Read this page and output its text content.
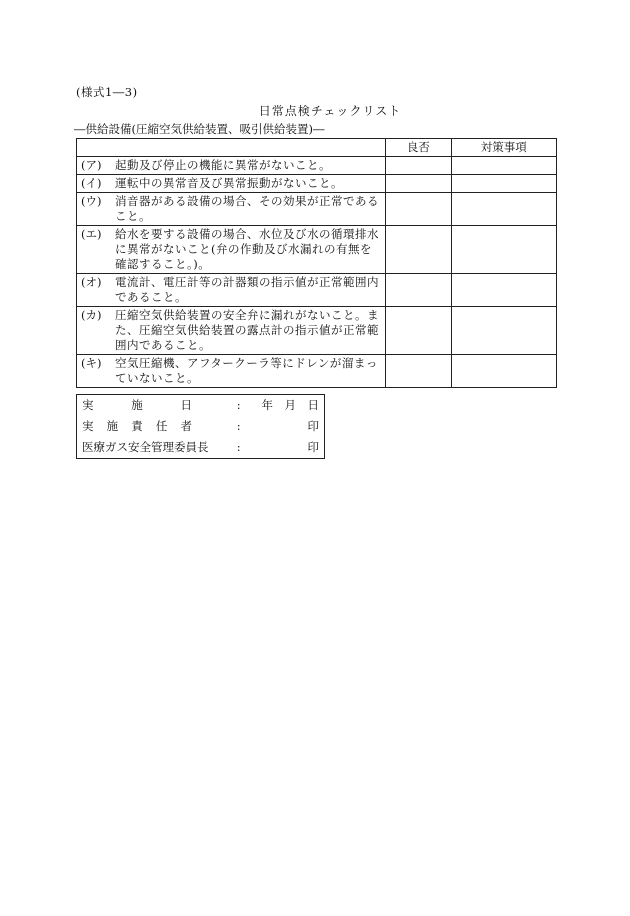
(様式1―3)
日常点検チェックリスト
―供給設備(圧縮空気供給装置、吸引供給装置)―
	良否	対策事項

(ア) 起動及び停止の機能に異常がないこと。		

(イ) 運転中の異常音及び異常振動がないこと。		

(ウ) 消音器がある設備の場合、その効果が正常であること。		

(エ) 給水を要する設備の場合、水位及び水の循環排水に異常がないこと(弁の作動及び水漏れの有無を確認すること。)。		

(オ) 電流計、電圧計等の計器類の指示値が正常範囲内であること。		

(カ) 圧縮空気供給装置の安全弁に漏れがないこと。また、圧縮空気供給装置の露点計の指示値が正常範囲内であること。		

(キ) 空気圧縮機、アフタークーラ等にドレンが溜まっていないこと。		

実 施 日	:	年　月　日

実 施 責 任 者	:	印
医療ガス安全管理委員長	:	印
